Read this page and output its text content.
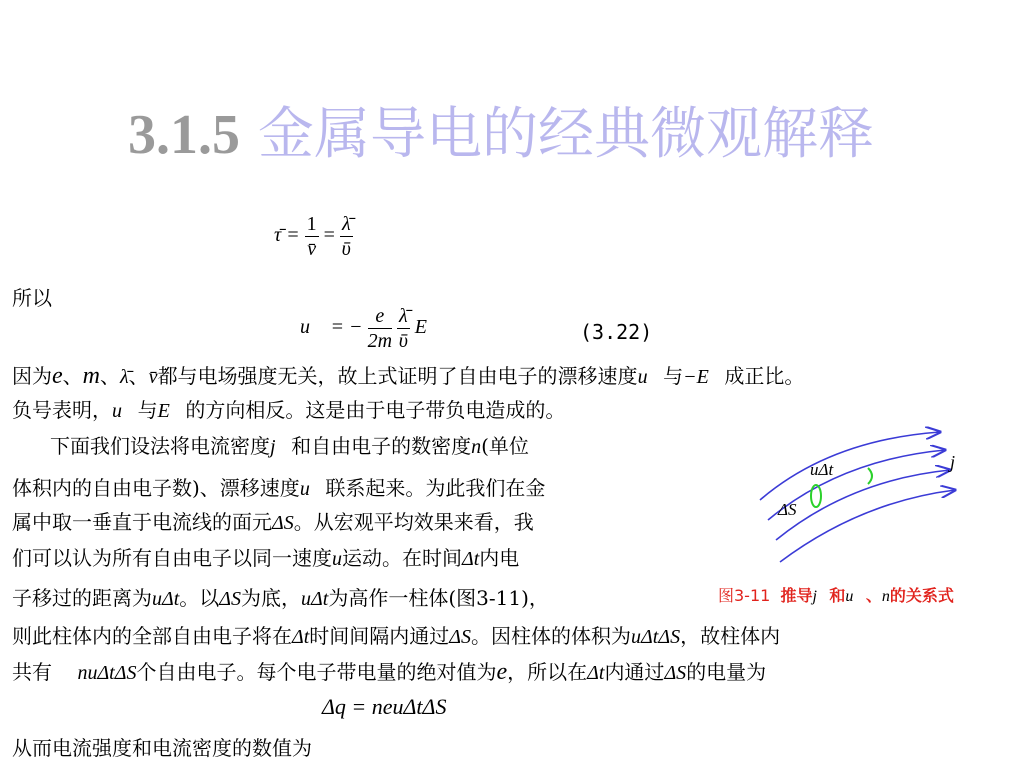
3.1.5 金属导电的经典微观解释
τ̄ = $\frac{1}{v̄} = \frac{\lambdā}{\text{ῡ}}$
所以
u⃗ = − $\frac{e}{2m}$
$\frac{\lambdā}{\text{ῡ}}$ E⃗	(3.22)
因为e、m、λ̄、v̄都与电场强度无关，故上式证明了自由电子的漂移速度u⃗与−E⃗成正比。
负号表明，u⃗与E⃗的方向相反。这是由于电子带负电造成的。
下面我们设法将电流密度j⃗和自由电子的数密度n(单位
体积内的自由电子数)、漂移速度u⃗联系起来。为此我们在金
属中取一垂直于电流线的面元ΔS。从宏观平均效果来看，我
们可以认为所有自由电子以同一速度u运动。在时间Δt内电
子移过的距离为uΔt。以ΔS为底，uΔt为高作一柱体(图3-11)，
则此柱体内的全部自由电子将在Δt时间间隔内通过ΔS。因柱体的体积为uΔtΔS，故柱体内
共有 nuΔtΔS个自由电子。每个电子带电量的绝对值为e，所以在Δt内通过ΔS的电量为
Δq = neuΔtΔS
从而电流强度和电流密度的数值为
uΔt
ΔS
j⃗
图3-11 推导j⃗和u⃗、n的关系式
